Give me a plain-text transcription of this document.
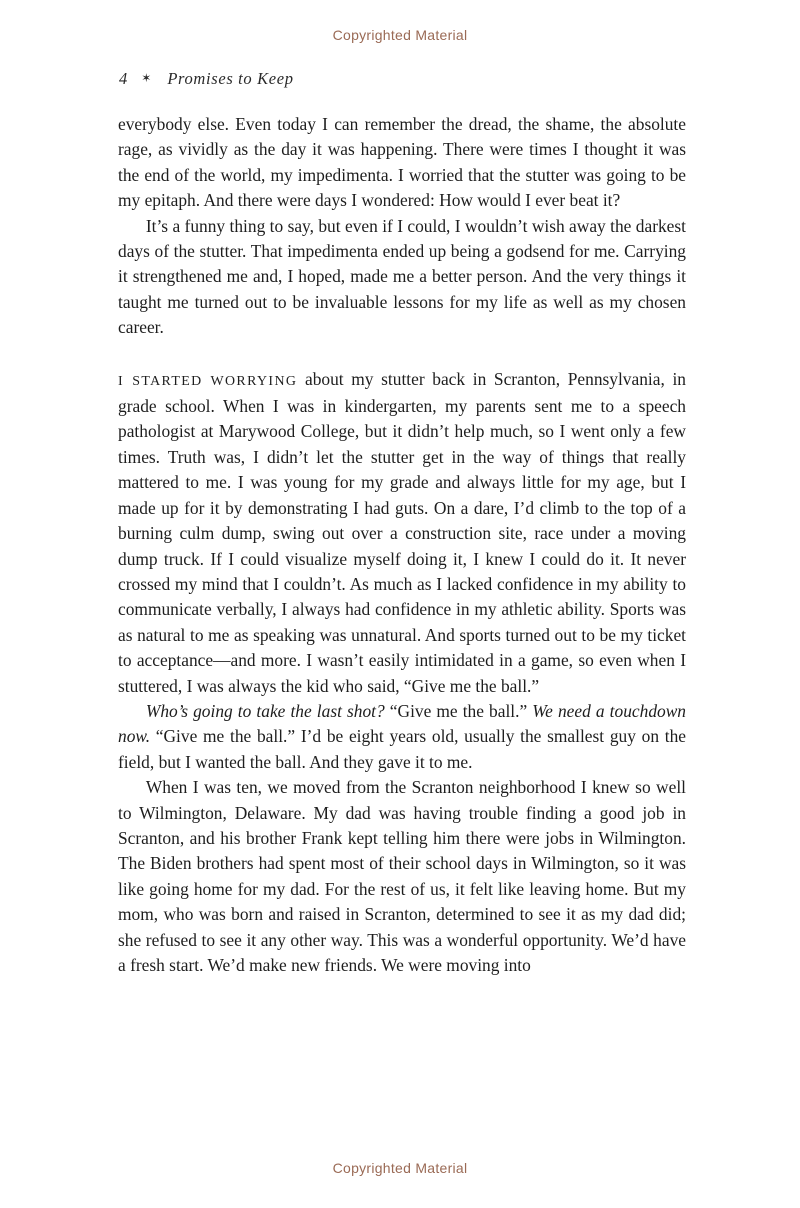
Copyrighted Material
4 ✶ Promises to Keep

everybody else. Even today I can remember the dread, the shame, the absolute rage, as vividly as the day it was happening. There were times I thought it was the end of the world, my impedimenta. I worried that the stutter was going to be my epitaph. And there were days I wondered: How would I ever beat it?

It’s a funny thing to say, but even if I could, I wouldn’t wish away the darkest days of the stutter. That impedimenta ended up being a godsend for me. Carrying it strengthened me and, I hoped, made me a better person. And the very things it taught me turned out to be invaluable lessons for my life as well as my chosen career.

I STARTED WORRYING about my stutter back in Scranton, Pennsylvania, in grade school. When I was in kindergarten, my parents sent me to a speech pathologist at Marywood College, but it didn’t help much, so I went only a few times. Truth was, I didn’t let the stutter get in the way of things that really mattered to me. I was young for my grade and always little for my age, but I made up for it by demonstrating I had guts. On a dare, I’d climb to the top of a burning culm dump, swing out over a construction site, race under a moving dump truck. If I could visualize myself doing it, I knew I could do it. It never crossed my mind that I couldn’t. As much as I lacked confidence in my ability to communicate verbally, I always had confidence in my athletic ability. Sports was as natural to me as speaking was unnatural. And sports turned out to be my ticket to acceptance—and more. I wasn’t easily intimidated in a game, so even when I stuttered, I was always the kid who said, “Give me the ball.”

Who’s going to take the last shot? “Give me the ball.” We need a touchdown now. “Give me the ball.” I’d be eight years old, usually the smallest guy on the field, but I wanted the ball. And they gave it to me.

When I was ten, we moved from the Scranton neighborhood I knew so well to Wilmington, Delaware. My dad was having trouble finding a good job in Scranton, and his brother Frank kept telling him there were jobs in Wilmington. The Biden brothers had spent most of their school days in Wilmington, so it was like going home for my dad. For the rest of us, it felt like leaving home. But my mom, who was born and raised in Scranton, determined to see it as my dad did; she refused to see it any other way. This was a wonderful opportunity. We’d have a fresh start. We’d make new friends. We were moving into

Copyrighted Material
